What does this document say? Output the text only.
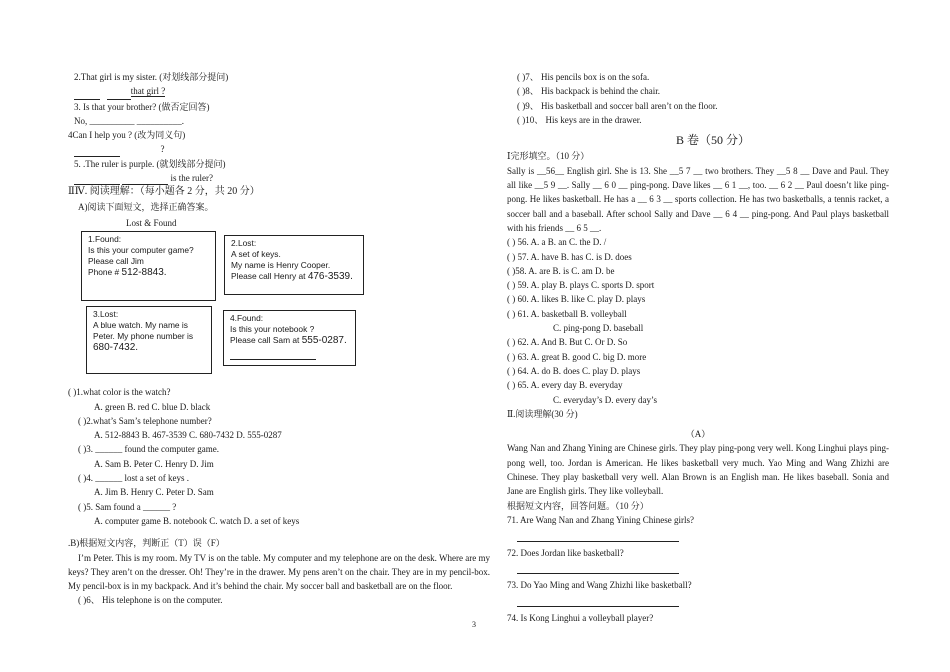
2.That girl is my sister. (对划线部分提问)
that girl ?
3. Is that your brother? (做否定回答)
No, __________ __________.
4Can I help you ? (改为同义句)
?
5. .The ruler is purple. (就划线部分提问)
is the ruler?
ⅡⅣ. 阅读理解：（每小题各 2 分，共 20 分）
A)阅读下面短文，选择正确答案。
Lost & Found
1.Found:
Is this your computer game?
Please call Jim
Phone # 512-8843.
2.Lost:
A set of keys.
My name is Henry Cooper.
Please call Henry at 476-3539.
3.Lost:
A blue watch. My name is
Peter. My phone number is
680-7432.
4.Found:
Is this your notebook ?
Please call Sam at 555-0287.
( )1.what color is the watch?
A. green B. red C. blue D. black
( )2.what’s Sam’s telephone number?
A. 512-8843 B. 467-3539 C. 680-7432 D. 555-0287
( )3. ______ found the computer game.
A. Sam B. Peter C. Henry D. Jim
( )4. ______ lost a set of keys .
A. Jim B. Henry C. Peter D. Sam
( )5. Sam found a ______ ?
A. computer game B. notebook C. watch D. a set of keys
.B)根据短文内容，判断正（T）误（F）
I’m Peter. This is my room. My TV is on the table. My computer and my telephone are on the desk. Where are my keys? They aren’t on the dresser. Oh! They’re in the drawer. My pens aren’t on the chair. They are in my pencil-box. My pencil-box is in my backpack. And it’s behind the chair. My soccer ball and basketball are on the floor.
( )6、 His telephone is on the computer.
( )7、 His pencils box is on the sofa.
( )8、 His backpack is behind the chair.
( )9、 His basketball and soccer ball aren’t on the floor.
( )10、 His keys are in the drawer.
B 卷（50 分）
Ⅰ完形填空。（10 分）
Sally is __56__ English girl. She is 13. She __5 7 __ two brothers. They __5 8 __ Dave and Paul. They all like __5 9 __. Sally __ 6 0 __ ping-pong. Dave likes __ 6 1 __, too. __ 6 2 __ Paul doesn’t like ping-pong. He likes basketball. He has a __ 6 3 __ sports collection. He has two basketballs, a tennis racket, a soccer ball and a baseball. After school Sally and Dave __ 6 4 __ ping-pong. And Paul plays basketball with his friends __ 6 5 __.
( ) 56. A. a B. an C. the D. /
( ) 57. A. have B. has C. is D. does
( )58. A. are B. is C. am D. be
( ) 59. A. play B. plays C. sports D. sport
( ) 60. A. likes B. like C. play D. plays
( ) 61. A. basketball B. volleyball
C. ping-pong D. baseball
( ) 62. A. And B. But C. Or D. So
( ) 63. A. great B. good C. big D. more
( ) 64. A. do B. does C. play D. plays
( ) 65. A. every day B. everyday
C. everyday’s D. every day’s
Ⅱ.阅读理解(30 分)
（A）
Wang Nan and Zhang Yining are Chinese girls. They play ping-pong very well. Kong Linghui plays ping-pong well, too. Jordan is American. He likes basketball very much. Yao Ming and Wang Zhizhi are Chinese. They play basketball very well. Alan Brown is an English man. He likes baseball. Sonia and Jane are English girls. They like volleyball.
根据短文内容，回答问题。（10 分）
71. Are Wang Nan and Zhang Yining Chinese girls?
72. Does Jordan like basketball?
73. Do Yao Ming and Wang Zhizhi like basketball?
74. Is Kong Linghui a volleyball player?
3
